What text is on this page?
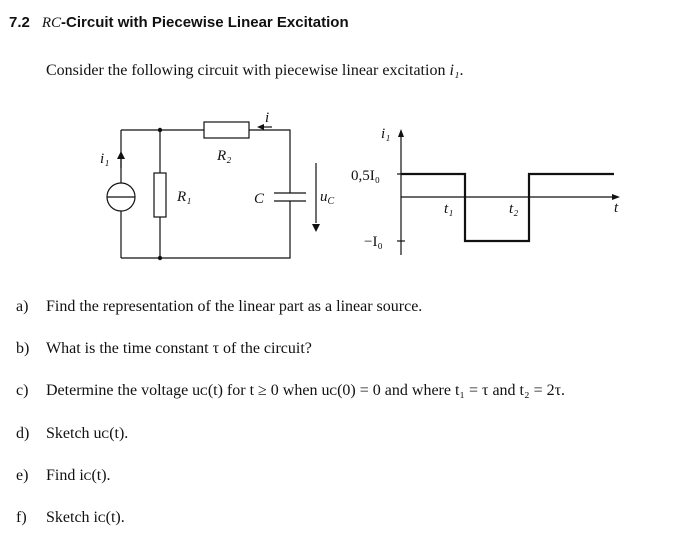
7.2 RC-Circuit with Piecewise Linear Excitation
Consider the following circuit with piecewise linear excitation i₁.
i₁
R₁
R₂
i
C	$u_C$
i₁
0,5I₀
−I₀
t₁	t₂	t
a) Find the representation of the linear part as a linear source.
b) What is the time constant τ of the circuit?
c) Determine the voltage uᴄ(t) for t ≥ 0 when uᴄ(0) = 0 and where t₁ = τ and t₂ = 2τ.
d) Sketch uᴄ(t).
e) Find iᴄ(t).
f) Sketch iᴄ(t).
